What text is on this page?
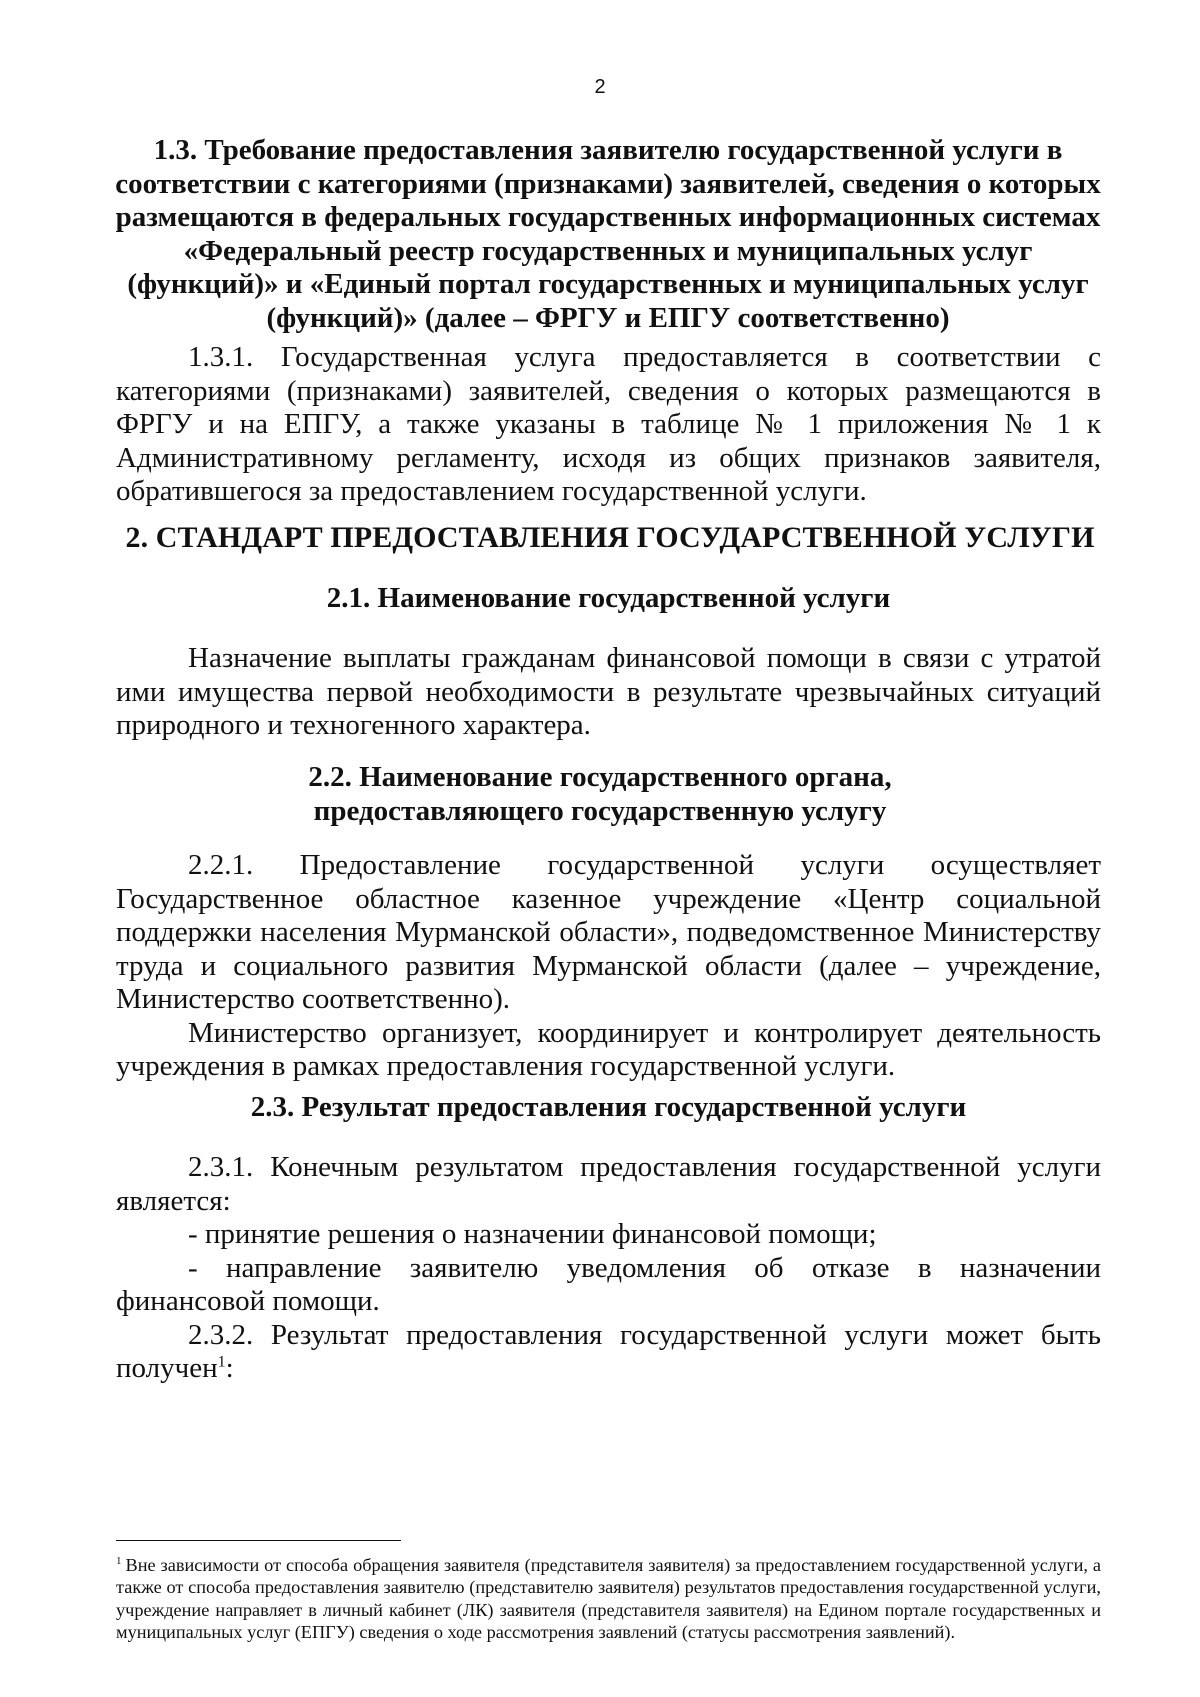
2

1.3. Требование предоставления заявителю государственной услуги в соответствии с категориями (признаками) заявителей, сведения о которых размещаются в федеральных государственных информационных системах «Федеральный реестр государственных и муниципальных услуг (функций)» и «Единый портал государственных и муниципальных услуг (функций)» (далее – ФРГУ и ЕПГУ соответственно)

1.3.1. Государственная услуга предоставляется в соответствии с категориями (признаками) заявителей, сведения о которых размещаются в ФРГУ и на ЕПГУ, а также указаны в таблице № 1 приложения № 1 к Административному регламенту, исходя из общих признаков заявителя, обратившегося за предоставлением государственной услуги.

2. СТАНДАРТ ПРЕДОСТАВЛЕНИЯ ГОСУДАРСТВЕННОЙ УСЛУГИ

2.1. Наименование государственной услуги

Назначение выплаты гражданам финансовой помощи в связи с утратой ими имущества первой необходимости в результате чрезвычайных ситуаций природного и техногенного характера.

2.2. Наименование государственного органа, предоставляющего государственную услугу

2.2.1. Предоставление государственной услуги осуществляет Государственное областное казенное учреждение «Центр социальной поддержки населения Мурманской области», подведомственное Министерству труда и социального развития Мурманской области (далее – учреждение, Министерство соответственно).

Министерство организует, координирует и контролирует деятельность учреждения в рамках предоставления государственной услуги.

2.3. Результат предоставления государственной услуги

2.3.1. Конечным результатом предоставления государственной услуги является:

- принятие решения о назначении финансовой помощи;

- направление заявителю уведомления об отказе в назначении финансовой помощи.

2.3.2. Результат предоставления государственной услуги может быть получен$^1$:

$^1$ Вне зависимости от способа обращения заявителя (представителя заявителя) за предоставлением государственной услуги, а также от способа предоставления заявителю (представителю заявителя) результатов предоставления государственной услуги, учреждение направляет в личный кабинет (ЛК) заявителя (представителя заявителя) на Едином портале государственных и муниципальных услуг (ЕПГУ) сведения о ходе рассмотрения заявлений (статусы рассмотрения заявлений).
